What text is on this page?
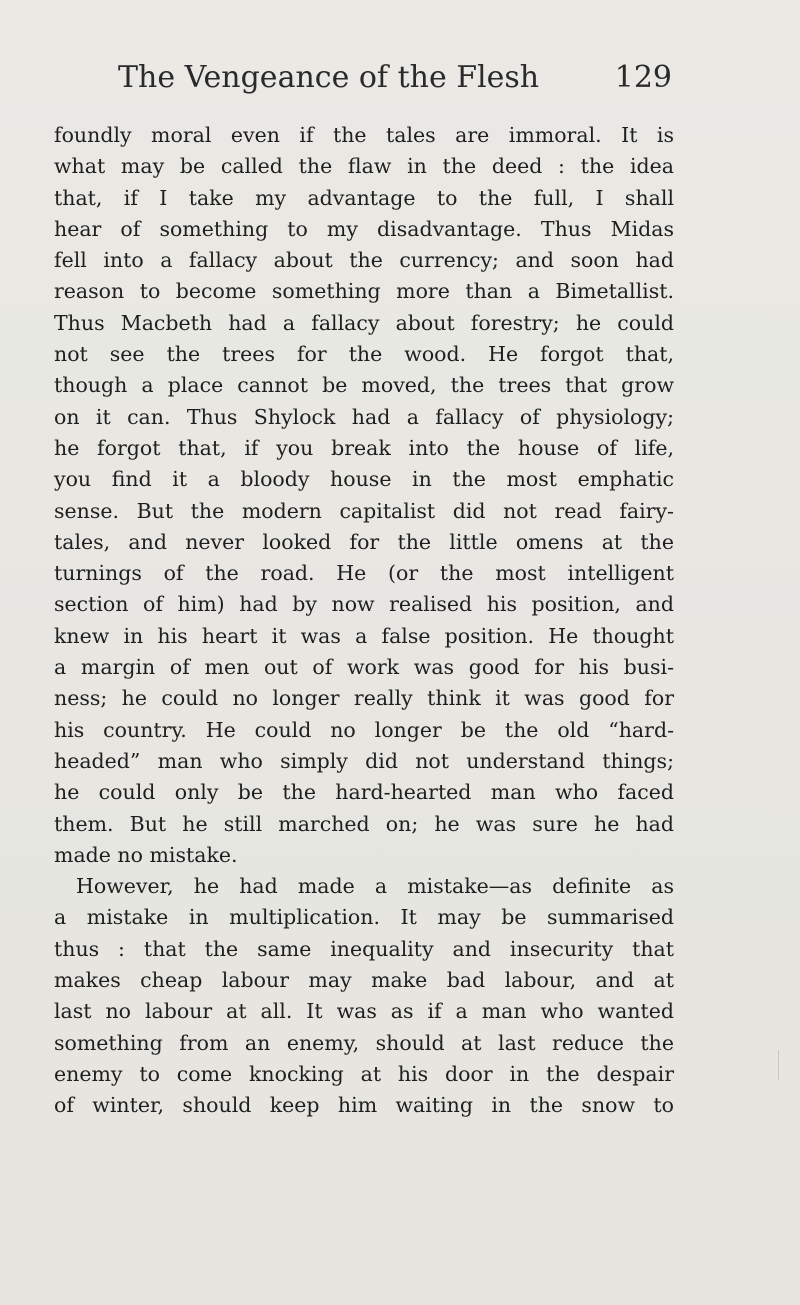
The Vengeance of the Flesh	129
foundly moral even if the tales are immoral. It is
what may be called the flaw in the deed : the idea
that, if I take my advantage to the full, I shall
hear of something to my disadvantage. Thus Midas
fell into a fallacy about the currency; and soon had
reason to become something more than a Bimetallist.
Thus Macbeth had a fallacy about forestry; he could
not see the trees for the wood. He forgot that,
though a place cannot be moved, the trees that grow
on it can. Thus Shylock had a fallacy of physiology;
he forgot that, if you break into the house of life,
you find it a bloody house in the most emphatic
sense. But the modern capitalist did not read fairy-
tales, and never looked for the little omens at the
turnings of the road. He (or the most intelligent
section of him) had by now realised his position, and
knew in his heart it was a false position. He thought
a margin of men out of work was good for his busi-
ness; he could no longer really think it was good for
his country. He could no longer be the old “hard-
headed” man who simply did not understand things;
he could only be the hard-hearted man who faced
them. But he still marched on; he was sure he had
made no mistake.
However, he had made a mistake—as definite as
a mistake in multiplication. It may be summarised
thus : that the same inequality and insecurity that
makes cheap labour may make bad labour, and at
last no labour at all. It was as if a man who wanted
something from an enemy, should at last reduce the
enemy to come knocking at his door in the despair
of winter, should keep him waiting in the snow to
